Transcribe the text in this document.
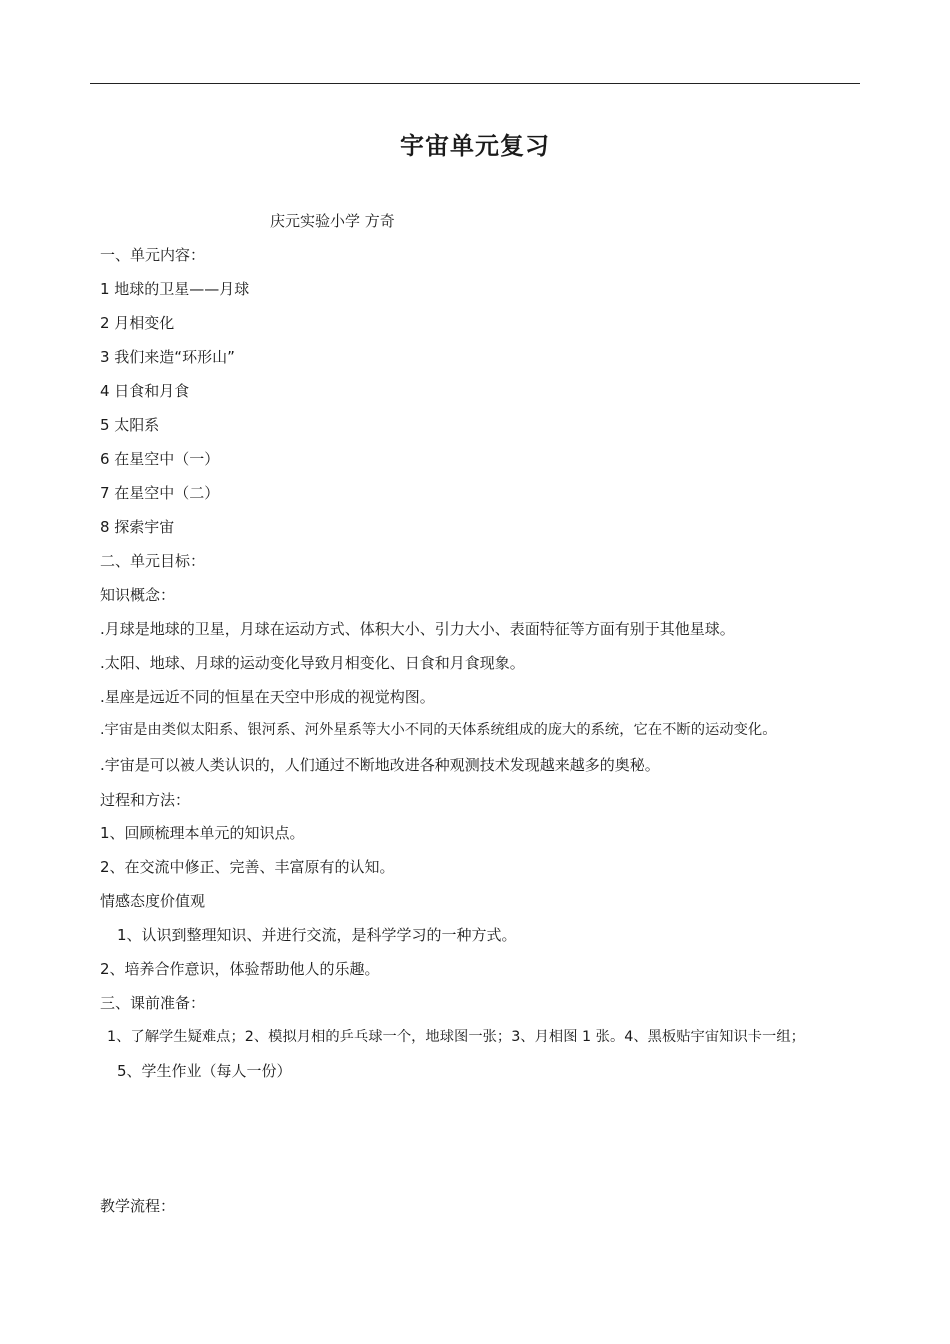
宇宙单元复习
庆元实验小学 方奇
一、单元内容：
1 地球的卫星——月球
2 月相变化
3 我们来造“环形山”
4 日食和月食
5 太阳系
6 在星空中（一）
7 在星空中（二）
8 探索宇宙
二、单元目标：
知识概念：
.月球是地球的卫星，月球在运动方式、体积大小、引力大小、表面特征等方面有别于其他星球。
.太阳、地球、月球的运动变化导致月相变化、日食和月食现象。
.星座是远近不同的恒星在天空中形成的视觉构图。
.宇宙是由类似太阳系、银河系、河外星系等大小不同的天体系统组成的庞大的系统，它在不断的运动变化。
.宇宙是可以被人类认识的，人们通过不断地改进各种观测技术发现越来越多的奥秘。
过程和方法：
1、回顾梳理本单元的知识点。
2、在交流中修正、完善、丰富原有的认知。
情感态度价值观
1、认识到整理知识、并进行交流，是科学学习的一种方式。
2、培养合作意识，体验帮助他人的乐趣。
三、课前准备：
1、了解学生疑难点；2、模拟月相的乒乓球一个，地球图一张；3、月相图 1 张。4、黑板贴宇宙知识卡一组；
5、学生作业（每人一份）
教学流程：
